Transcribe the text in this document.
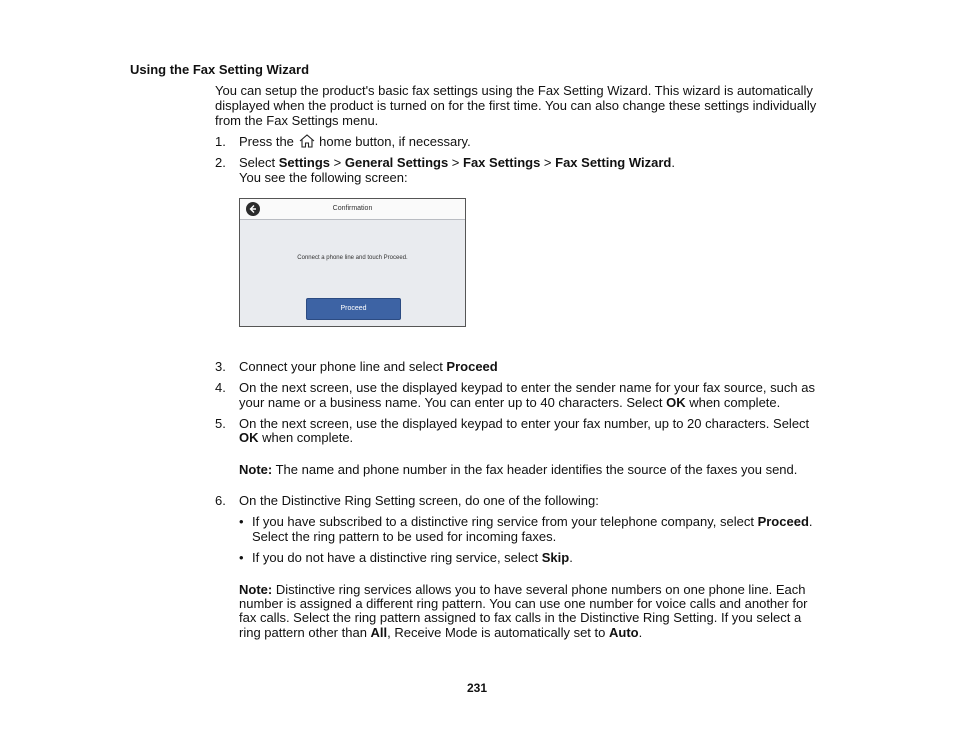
Using the Fax Setting Wizard
You can setup the product's basic fax settings using the Fax Setting Wizard. This wizard is automatically displayed when the product is turned on for the first time. You can also change these settings individually from the Fax Settings menu.
1.	Press the home button, if necessary.
2.	Select Settings > General Settings > Fax Settings > Fax Setting Wizard.
You see the following screen:
Confirmation
Connect a phone line and touch Proceed.
Proceed
3.	Connect your phone line and select Proceed
4.	On the next screen, use the displayed keypad to enter the sender name for your fax source, such as
your name or a business name. You can enter up to 40 characters. Select OK when complete.
5.	On the next screen, use the displayed keypad to enter your fax number, up to 20 characters. Select
OK when complete.
Note: The name and phone number in the fax header identifies the source of the faxes you send.
6.	On the Distinctive Ring Setting screen, do one of the following:
• If you have subscribed to a distinctive ring service from your telephone company, select Proceed.
Select the ring pattern to be used for incoming faxes.
• If you do not have a distinctive ring service, select Skip.
Note: Distinctive ring services allows you to have several phone numbers on one phone line. Each
number is assigned a different ring pattern. You can use one number for voice calls and another for
fax calls. Select the ring pattern assigned to fax calls in the Distinctive Ring Setting. If you select a
ring pattern other than All, Receive Mode is automatically set to Auto.
231
